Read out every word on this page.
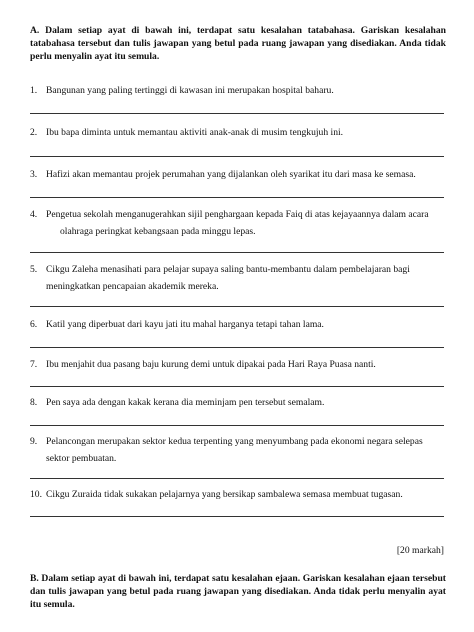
A. Dalam setiap ayat di bawah ini, terdapat satu kesalahan tatabahasa. Gariskan kesalahan tatabahasa tersebut dan tulis jawapan yang betul pada ruang jawapan yang disediakan. Anda tidak perlu menyalin ayat itu semula.
1. Bangunan yang paling tertinggi di kawasan ini merupakan hospital baharu.
2. Ibu bapa diminta untuk memantau aktiviti anak-anak di musim tengkujuh ini.
3. Hafizi akan memantau projek perumahan yang dijalankan oleh syarikat itu dari masa ke semasa.
4. Pengetua sekolah menganugerahkan sijil penghargaan kepada Faiq di atas kejayaannya dalam acara
olahraga peringkat kebangsaan pada minggu lepas.
5. Cikgu Zaleha menasihati para pelajar supaya saling bantu-membantu dalam pembelajaran bagi
meningkatkan pencapaian akademik mereka.
6. Katil yang diperbuat dari kayu jati itu mahal harganya tetapi tahan lama.
7. Ibu menjahit dua pasang baju kurung demi untuk dipakai pada Hari Raya Puasa nanti.
8. Pen saya ada dengan kakak kerana dia meminjam pen tersebut semalam.
9. Pelancongan merupakan sektor kedua terpenting yang menyumbang pada ekonomi negara selepas
sektor pembuatan.
10. Cikgu Zuraida tidak sukakan pelajarnya yang bersikap sambalewa semasa membuat tugasan.
[20 markah]
B. Dalam setiap ayat di bawah ini, terdapat satu kesalahan ejaan. Gariskan kesalahan ejaan tersebut dan tulis jawapan yang betul pada ruang jawapan yang disediakan. Anda tidak perlu menyalin ayat itu semula.
